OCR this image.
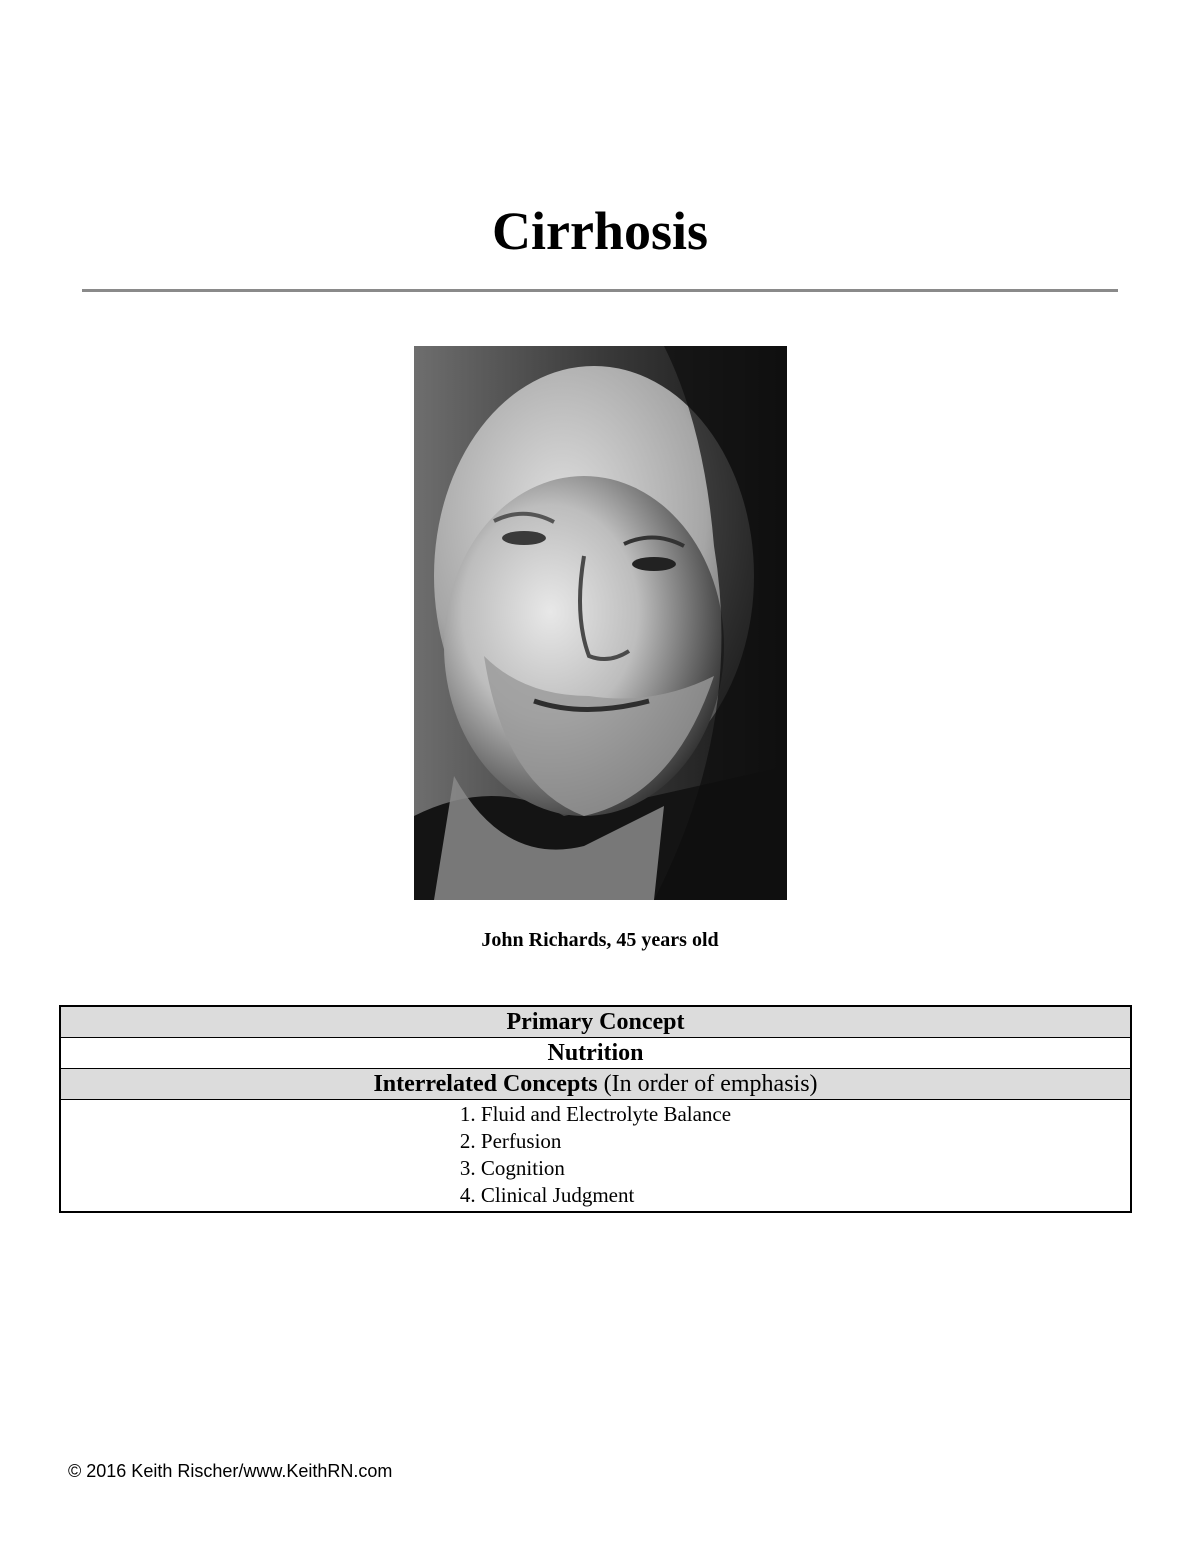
Cirrhosis
John Richards, 45 years old
Primary Concept
Nutrition
Interrelated Concepts (In order of emphasis)

1. Fluid and Electrolyte Balance
2. Perfusion
3. Cognition
4. Clinical Judgment
© 2016 Keith Rischer/www.KeithRN.com
